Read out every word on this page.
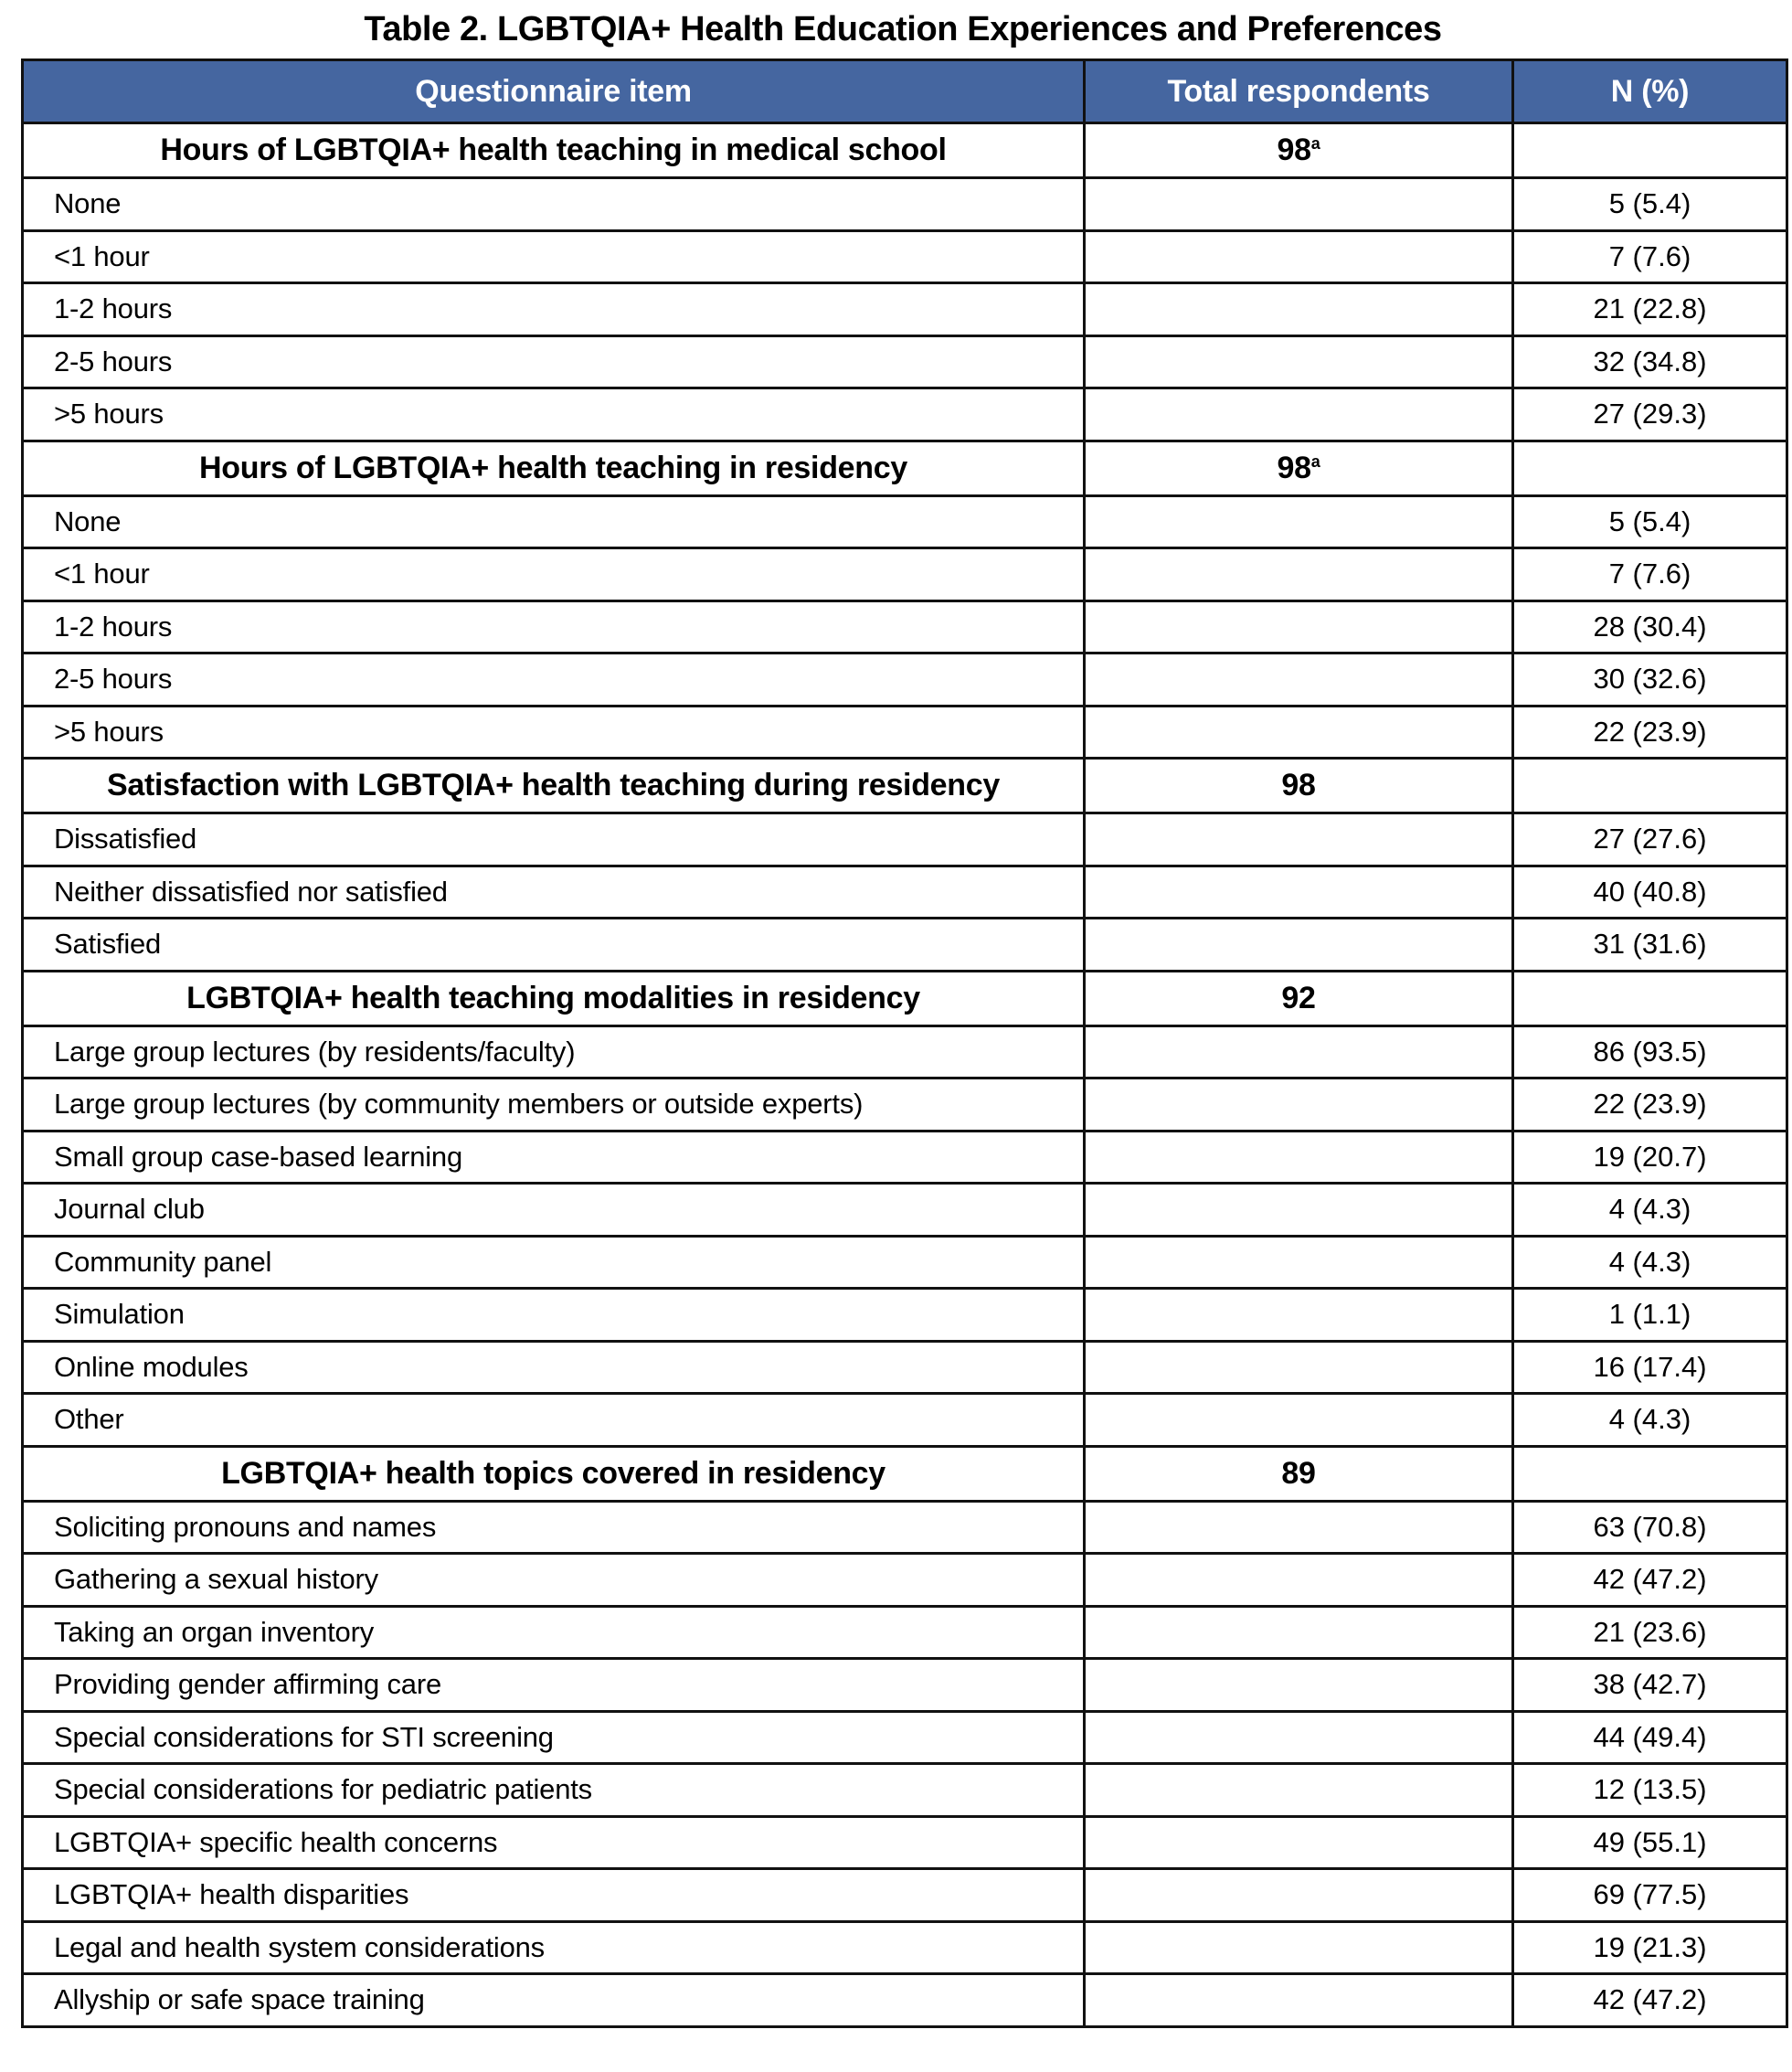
Table 2. LGBTQIA+ Health Education Experiences and Preferences
Questionnaire item	Total respondents	N (%)
Hours of LGBTQIA+ health teaching in medical school	98$^a$	
None		5 (5.4)
<1 hour		7 (7.6)
1-2 hours		21 (22.8)
2-5 hours		32 (34.8)
>5 hours		27 (29.3)
Hours of LGBTQIA+ health teaching in residency	98$^a$	
None		5 (5.4)
<1 hour		7 (7.6)
1-2 hours		28 (30.4)
2-5 hours		30 (32.6)
>5 hours		22 (23.9)
Satisfaction with LGBTQIA+ health teaching during residency	98	
Dissatisfied		27 (27.6)
Neither dissatisfied nor satisfied		40 (40.8)
Satisfied		31 (31.6)
LGBTQIA+ health teaching modalities in residency	92	
Large group lectures (by residents/faculty)		86 (93.5)
Large group lectures (by community members or outside experts)		22 (23.9)
Small group case-based learning		19 (20.7)
Journal club		4 (4.3)
Community panel		4 (4.3)
Simulation		1 (1.1)
Online modules		16 (17.4)
Other		4 (4.3)
LGBTQIA+ health topics covered in residency	89	
Soliciting pronouns and names		63 (70.8)
Gathering a sexual history		42 (47.2)
Taking an organ inventory		21 (23.6)
Providing gender affirming care		38 (42.7)
Special considerations for STI screening		44 (49.4)
Special considerations for pediatric patients		12 (13.5)
LGBTQIA+ specific health concerns		49 (55.1)
LGBTQIA+ health disparities		69 (77.5)
Legal and health system considerations		19 (21.3)
Allyship or safe space training		42 (47.2)
